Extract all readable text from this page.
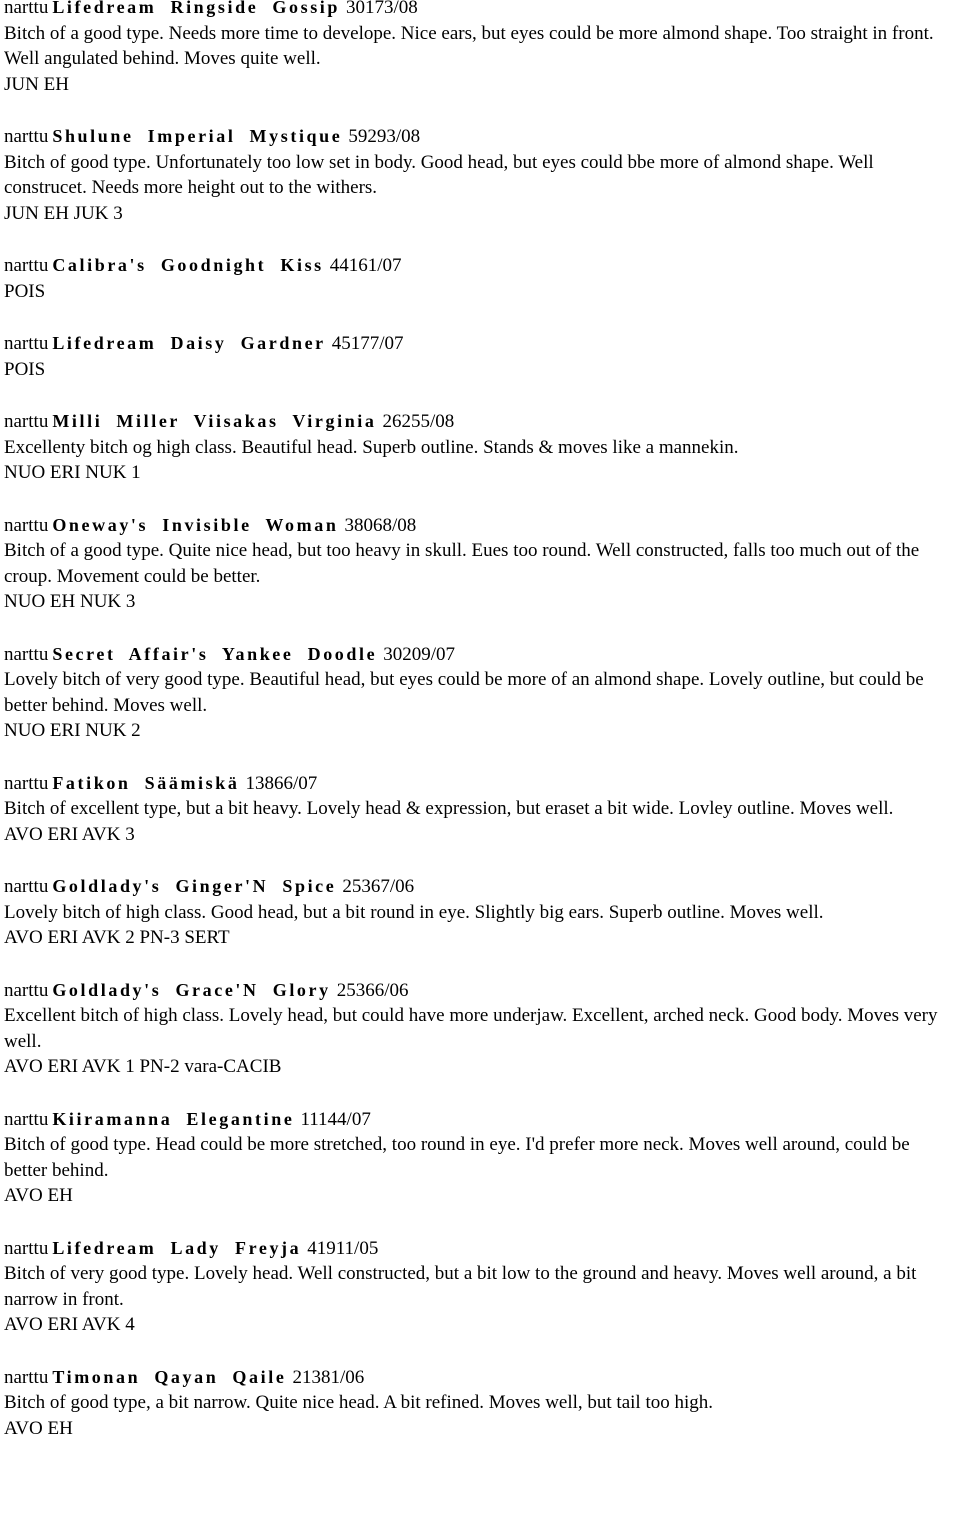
narttu Lifedream Ringside Gossip 30173/08

Bitch of a good type. Needs more time to develope. Nice ears, but eyes could be more almond shape. Too straight in front. Well angulated behind. Moves quite well.

JUN EH

narttu Shulune Imperial Mystique 59293/08

Bitch of good type. Unfortunately too low set in body. Good head, but eyes could bbe more of almond shape. Well construcet. Needs more height out to the withers.

JUN EH JUK 3

narttu Calibra's Goodnight Kiss 44161/07

POIS

narttu Lifedream Daisy Gardner 45177/07

POIS

narttu Milli Miller Viisakas Virginia 26255/08

Excellenty bitch og high class. Beautiful head. Superb outline. Stands & moves like a mannekin.

NUO ERI NUK 1

narttu Oneway's Invisible Woman 38068/08

Bitch of a good type. Quite nice head, but too heavy in skull. Eues too round. Well constructed, falls too much out of the croup. Movement could be better.

NUO EH NUK 3

narttu Secret Affair's Yankee Doodle 30209/07

Lovely bitch of very good type. Beautiful head, but eyes could be more of an almond shape. Lovely outline, but could be better behind. Moves well.

NUO ERI NUK 2

narttu Fatikon Säämiskä 13866/07

Bitch of excellent type, but a bit heavy. Lovely head & expression, but eraset a bit wide. Lovley outline. Moves well.

AVO ERI AVK 3

narttu Goldlady's Ginger'N Spice 25367/06

Lovely bitch of high class. Good head, but a bit round in eye. Slightly big ears. Superb outline. Moves well.

AVO ERI AVK 2 PN-3 SERT

narttu Goldlady's Grace'N Glory 25366/06

Excellent bitch of high class. Lovely head, but could have more underjaw. Excellent, arched neck. Good body. Moves very well.

AVO ERI AVK 1 PN-2 vara-CACIB

narttu Kiiramanna Elegantine 11144/07

Bitch of good type. Head could be more stretched, too round in eye. I'd prefer more neck. Moves well around, could be better behind.

AVO EH

narttu Lifedream Lady Freyja 41911/05

Bitch of very good type. Lovely head. Well constructed, but a bit low to the ground and heavy. Moves well around, a bit narrow in front.

AVO ERI AVK 4

narttu Timonan Qayan Qaile 21381/06

Bitch of good type, a bit narrow. Quite nice head. A bit refined. Moves well, but tail too high.

AVO EH
